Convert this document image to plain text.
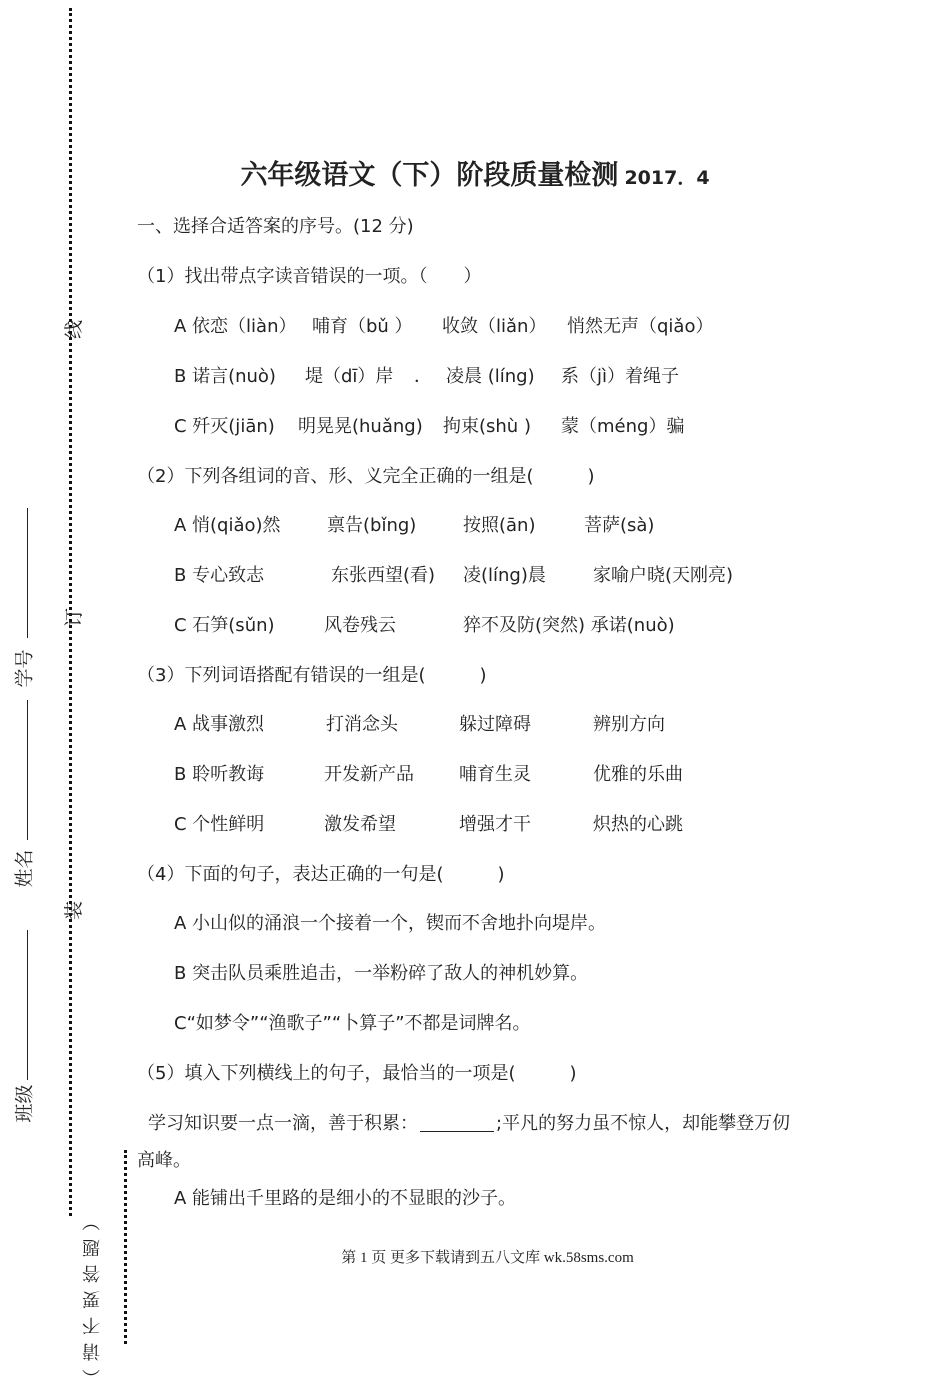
线
订
装
学号
姓名
班级
（请不要答题）
六年级语文（下）阶段质量检测 2017．4
一、选择合适答案的序号。(12 分)
（1）找出带点字读音错误的一项。（　　）
A 依恋（liàn） 哺育（bǔ ） 收敛（liǎn） 悄然无声（qiǎo）
B 诺言(nuò) 堤（dī）岸 ． 凌晨 (líng) 系（jì）着绳子
C 歼灭(jiān) 明晃晃(huǎng) 拘束(shù ) 蒙（méng）骗
（2）下列各组词的音、形、义完全正确的一组是(　　　)
A 悄(qiǎo)然	禀告(bǐng)	按照(ān)	菩萨(sà)
B 专心致志	东张西望(看) 凌(líng)晨	家喻户晓(天刚亮)
C 石笋(sǔn)	风卷残云	猝不及防(突然) 承诺(nuò)
（3）下列词语搭配有错误的一组是(　　　)
A 战事激烈	打消念头	躲过障碍	辨别方向
B 聆听教诲	开发新产品	哺育生灵	优雅的乐曲
C 个性鲜明	激发希望	增强才干	炽热的心跳
（4）下面的句子，表达正确的一句是(　　　)
A 小山似的涌浪一个接着一个，锲而不舍地扑向堤岸。
B 突击队员乘胜追击，一举粉碎了敌人的神机妙算。
C“如梦令”“渔歌子”“卜算子”不都是词牌名。
（5）填入下列横线上的句子，最恰当的一项是(　　　)
学习知识要一点一滴，善于积累：	;平凡的努力虽不惊人，却能攀登万仞
高峰。
A 能铺出千里路的是细小的不显眼的沙子。
第 1 页 更多下载请到五八文库 wk.58sms.com
